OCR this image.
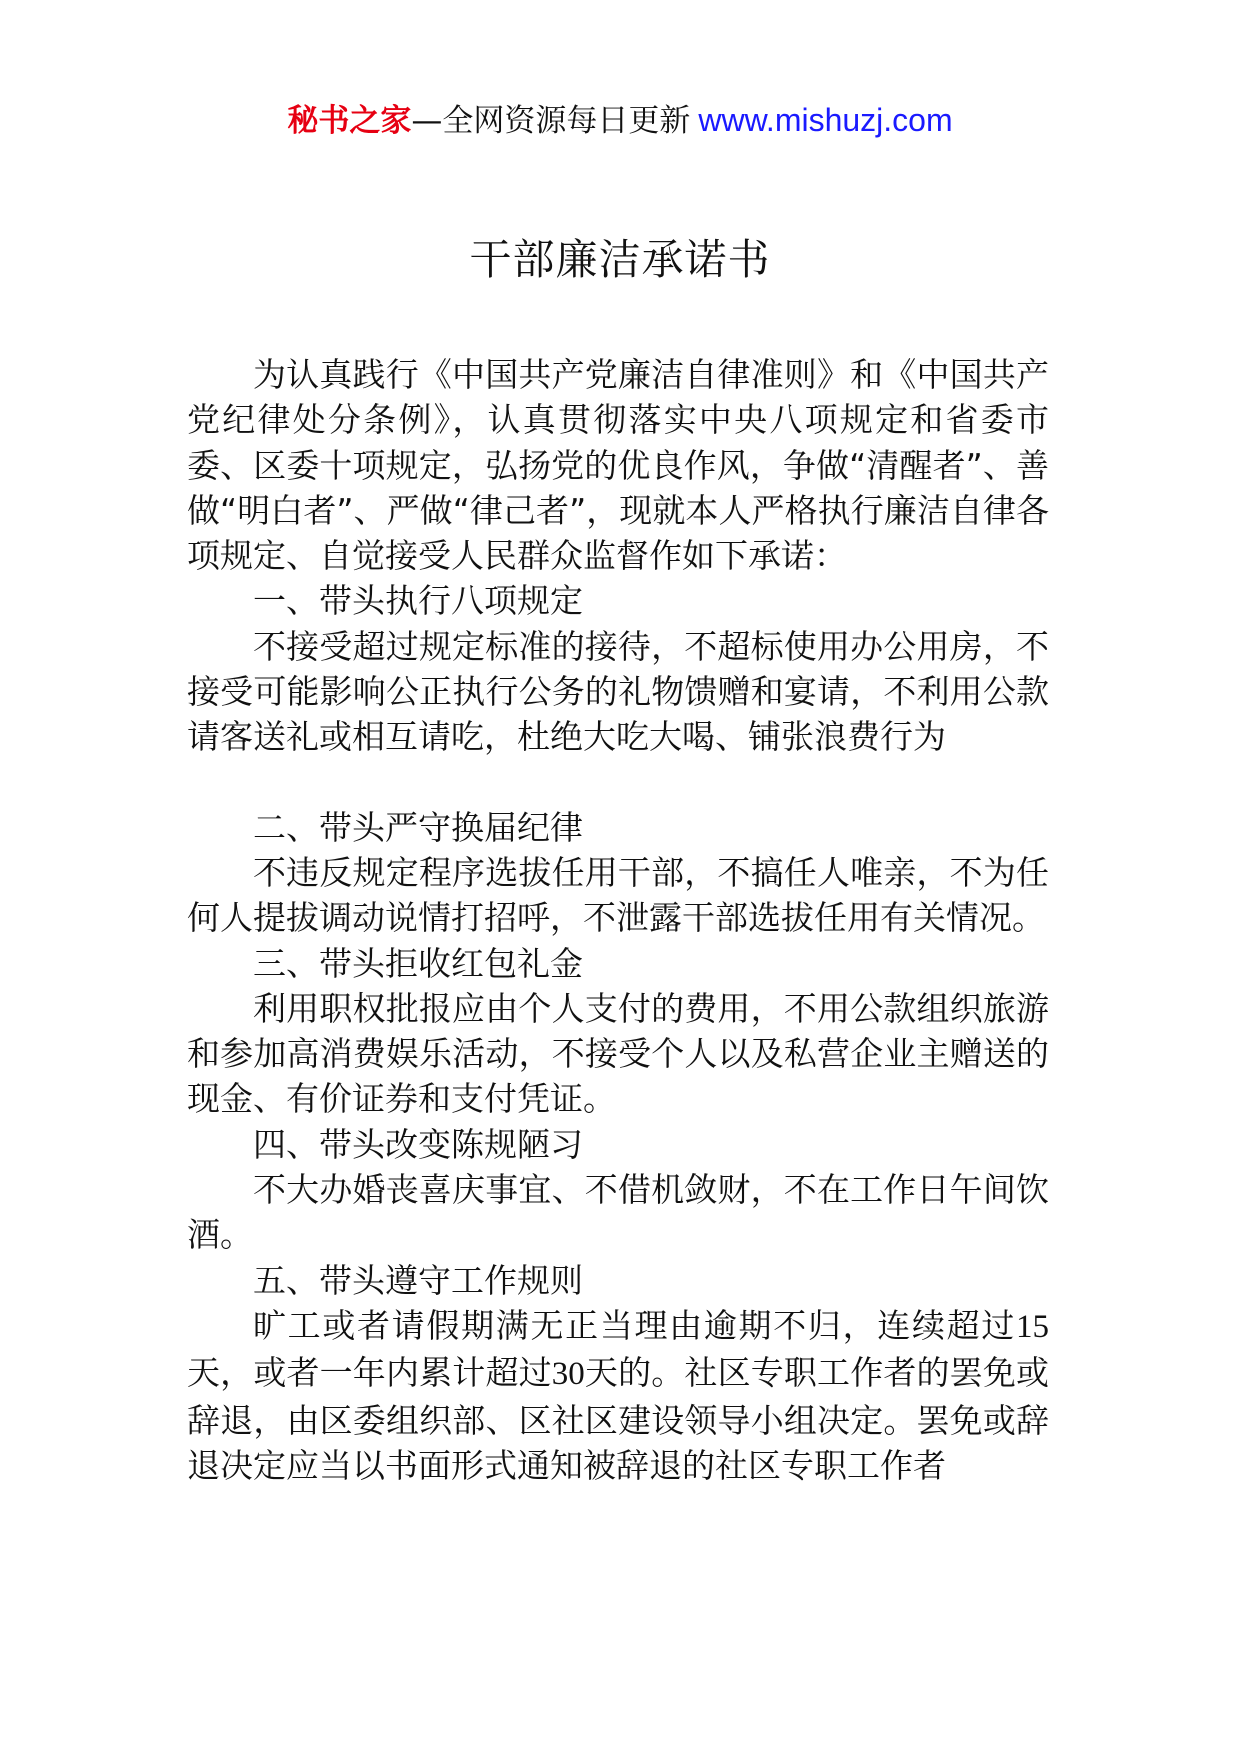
秘书之家—全网资源每日更新 www.mishuzj.com
干部廉洁承诺书

为认真践行《中国共产党廉洁自律准则》和《中国共产党纪律处分条例》，认真贯彻落实中央八项规定和省委市委、区委十项规定，弘扬党的优良作风，争做“清醒者”、善做“明白者”、严做“律己者”，现就本人严格执行廉洁自律各项规定、自觉接受人民群众监督作如下承诺：

一、带头执行八项规定

不接受超过规定标准的接待，不超标使用办公用房，不接受可能影响公正执行公务的礼物馈赠和宴请，不利用公款请客送礼或相互请吃，杜绝大吃大喝、铺张浪费行为

二、带头严守换届纪律

不违反规定程序选拔任用干部，不搞任人唯亲，不为任何人提拔调动说情打招呼，不泄露干部选拔任用有关情况。

三、带头拒收红包礼金

利用职权批报应由个人支付的费用，不用公款组织旅游和参加高消费娱乐活动，不接受个人以及私营企业主赠送的现金、有价证券和支付凭证。

四、带头改变陈规陋习

不大办婚丧喜庆事宜、不借机敛财，不在工作日午间饮酒。

五、带头遵守工作规则

旷工或者请假期满无正当理由逾期不归，连续超过15天，或者一年内累计超过30天的。社区专职工作者的罢免或辞退，由区委组织部、区社区建设领导小组决定。罢免或辞退决定应当以书面形式通知被辞退的社区专职工作者
